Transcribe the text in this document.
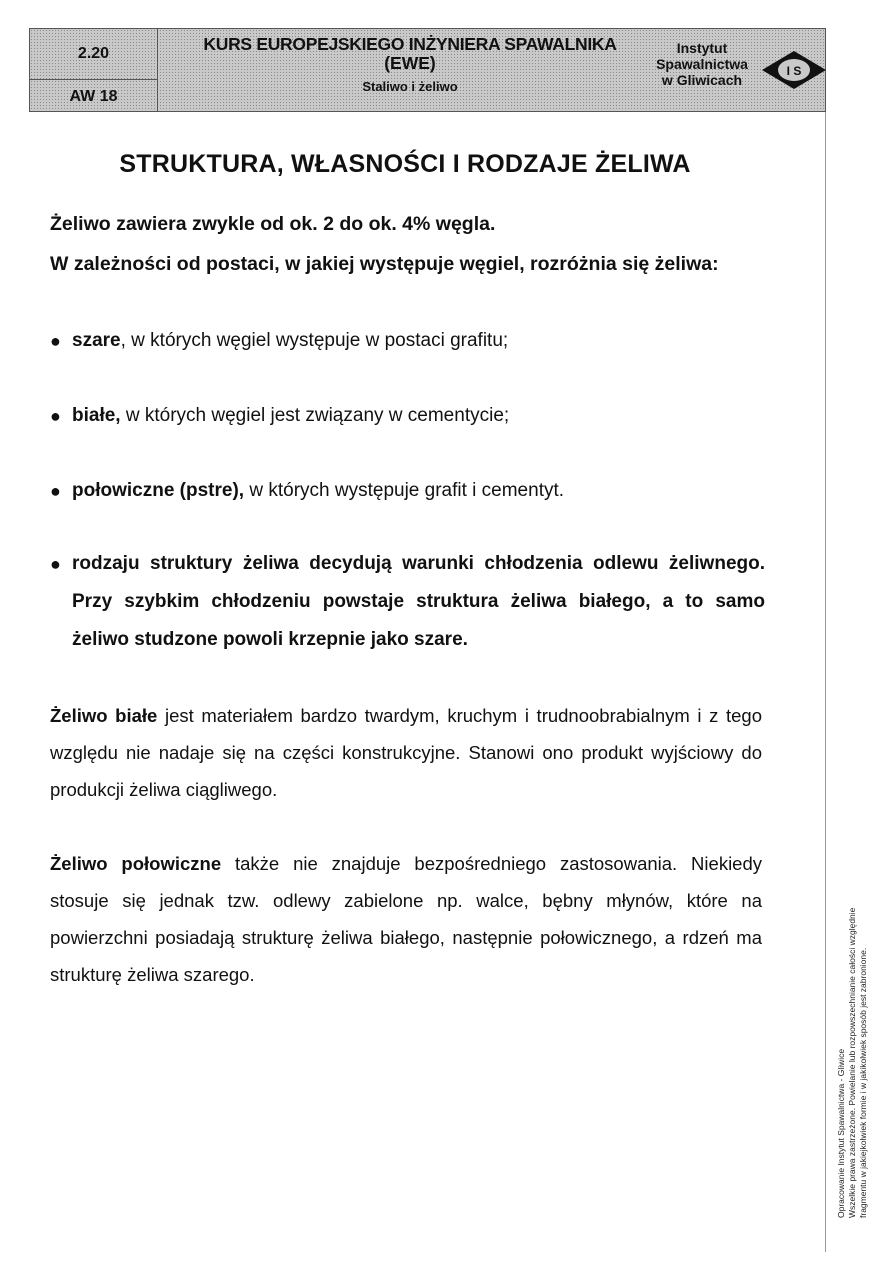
2.20
AW 18
KURS EUROPEJSKIEGO INŻYNIERA SPAWALNIKA
(EWE)
Staliwo i żeliwo
Instytut
Spawalnictwa
w Gliwicach
I S
STRUKTURA, WŁASNOŚCI I RODZAJE ŻELIWA
Żeliwo zawiera zwykle od ok. 2 do ok. 4% węgla.
W zależności od postaci, w jakiej występuje węgiel, rozróżnia się żeliwa:
● szare, w których węgiel występuje w postaci grafitu;
● białe, w których węgiel jest związany w cementycie;
● połowiczne (pstre), w których występuje grafit i cementyt.
● rodzaju struktury żeliwa decydują warunki chłodzenia odlewu żeliwnego. Przy szybkim chłodzeniu powstaje struktura żeliwa białego, a to samo żeliwo studzone powoli krzepnie jako szare.
Żeliwo białe jest materiałem bardzo twardym, kruchym i trudnoobrabialnym i z tego względu nie nadaje się na części konstrukcyjne. Stanowi ono produkt wyjściowy do produkcji żeliwa ciągliwego.
Żeliwo połowiczne także nie znajduje bezpośredniego zastosowania. Niekiedy stosuje się jednak tzw. odlewy zabielone np. walce, bębny młynów, które na powierzchni posiadają strukturę żeliwa białego, następnie połowicznego, a rdzeń ma strukturę żeliwa szarego.
Opracowanie Instytut Spawalnictwa - Gliwice Wszelkie prawa zastrzeżone. Powielanie lub rozpowszechnianie całości względnie fragmentu w jakiejkolwiek formie i w jakikolwiek sposób jest zabronione.
